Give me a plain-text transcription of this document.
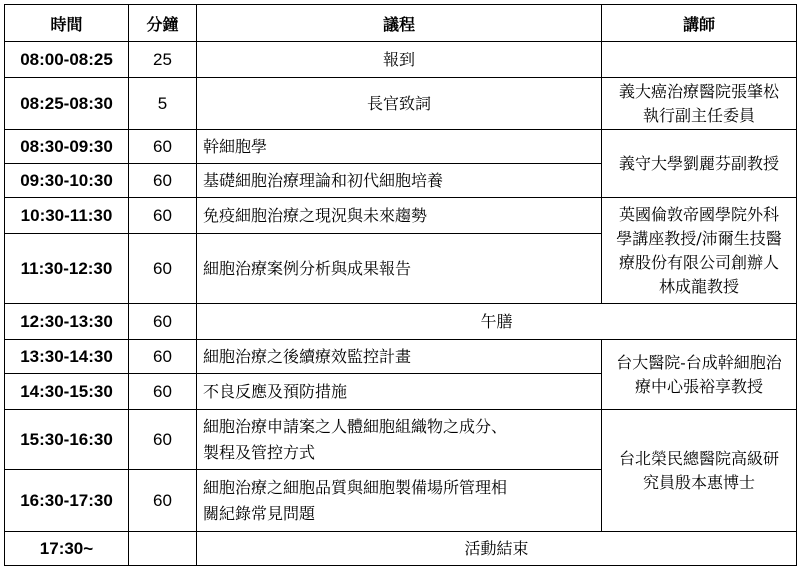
時間	分鐘	議程	講師
08:00-08:25	25	報到	
08:25-08:30	5	長官致詞	義大癌治療醫院張肇松
執行副主任委員

08:30-09:30	60	幹細胞學	義守大學劉麗芬副教授
09:30-10:30	60	基礎細胞治療理論和初代細胞培養	
10:30-11:30	60	免疫細胞治療之現況與未來趨勢	英國倫敦帝國學院外科
學講座教授/沛爾生技醫
療股份有限公司創辦人
林成龍教授

11:30-12:30	60	細胞治療案例分析與成果報告	
12:30-13:30	60	午膳	
13:30-14:30	60	細胞治療之後續療效監控計畫	台大醫院-台成幹細胞治
療中心張裕享教授

14:30-15:30	60	不良反應及預防措施	
15:30-16:30	60	細胞治療申請案之人體細胞組織物之成分、
製程及管控方式	台北榮民總醫院高級研
究員殷本惠博士

16:30-17:30	60	細胞治療之細胞品質與細胞製備場所管理相
關紀錄常見問題	

17:30~		活動結束	
